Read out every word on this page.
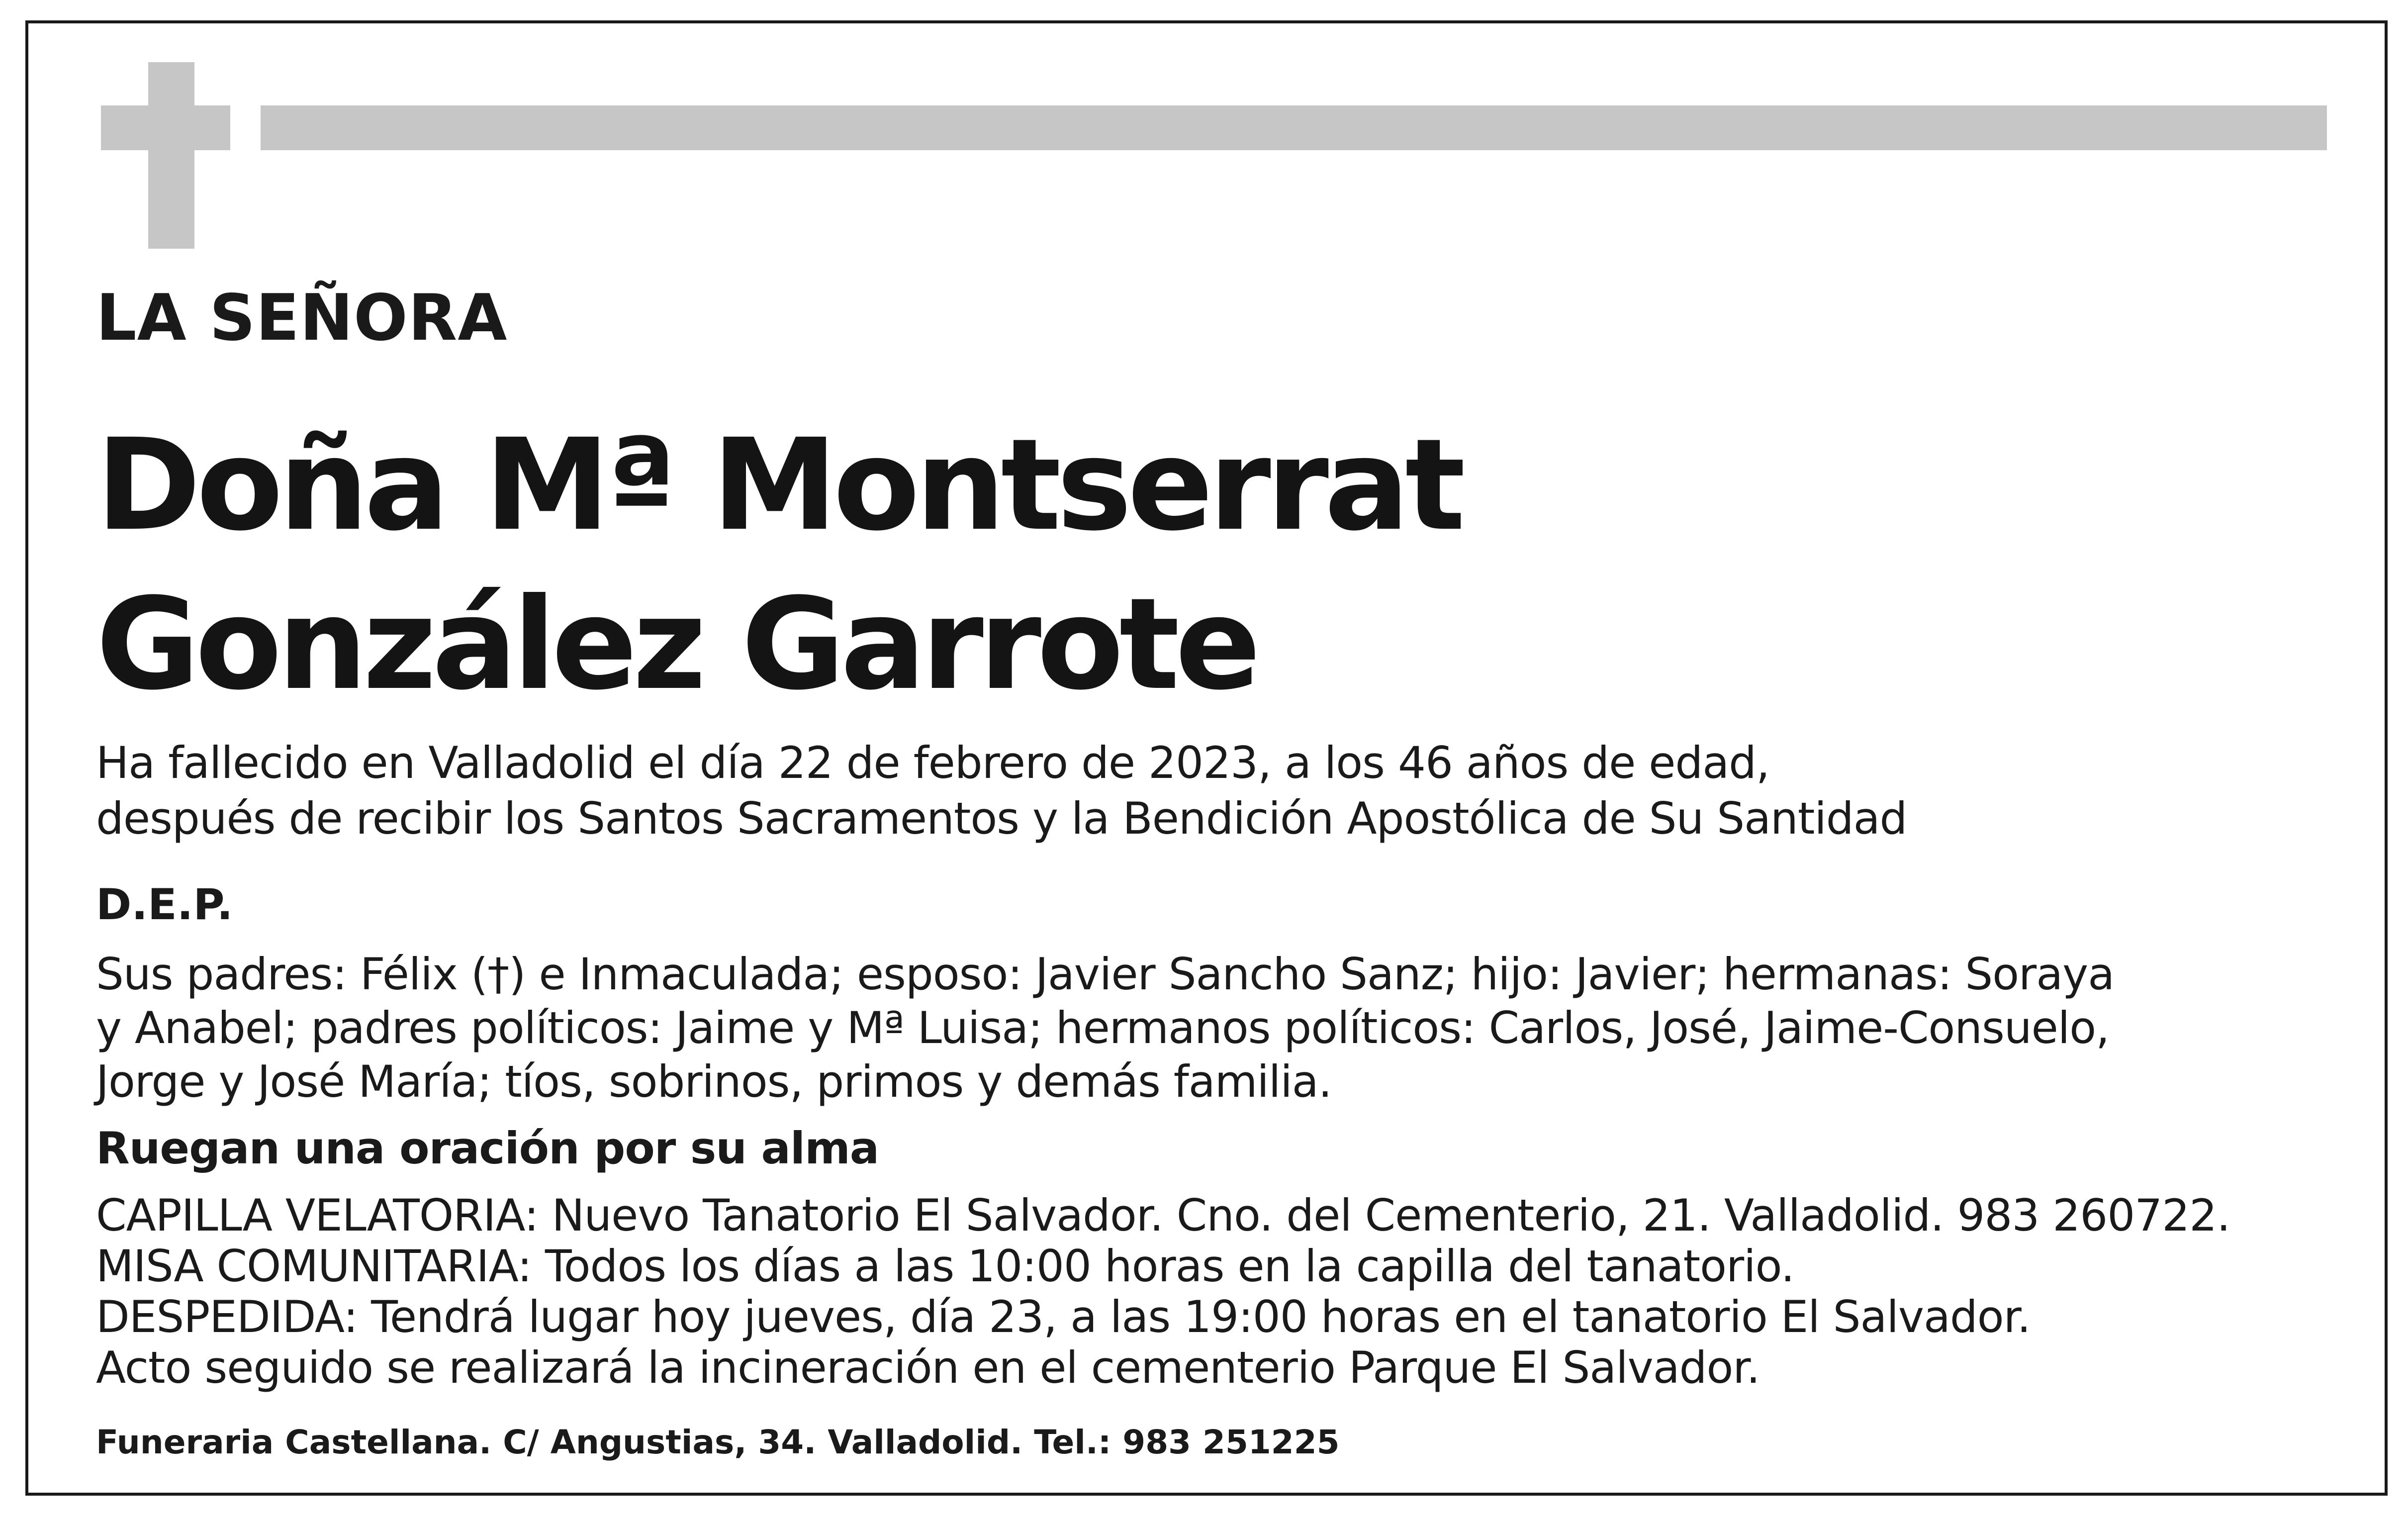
LA SEÑORA
Doña Mª Montserrat
González Garrote
Ha fallecido en Valladolid el día 22 de febrero de 2023, a los 46 años de edad,
después de recibir los Santos Sacramentos y la Bendición Apostólica de Su Santidad
D.E.P.
Sus padres: Félix (†) e Inmaculada; esposo: Javier Sancho Sanz; hijo: Javier; hermanas: Soraya
y Anabel; padres políticos: Jaime y Mª Luisa; hermanos políticos: Carlos, José, Jaime-Consuelo,
Jorge y José María; tíos, sobrinos, primos y demás familia.
Ruegan una oración por su alma
CAPILLA VELATORIA: Nuevo Tanatorio El Salvador. Cno. del Cementerio, 21. Valladolid. 983 260722.
MISA COMUNITARIA: Todos los días a las 10:00 horas en la capilla del tanatorio.
DESPEDIDA: Tendrá lugar hoy jueves, día 23, a las 19:00 horas en el tanatorio El Salvador.
Acto seguido se realizará la incineración en el cementerio Parque El Salvador.
Funeraria Castellana. C/ Angustias, 34. Valladolid. Tel.: 983 251225
